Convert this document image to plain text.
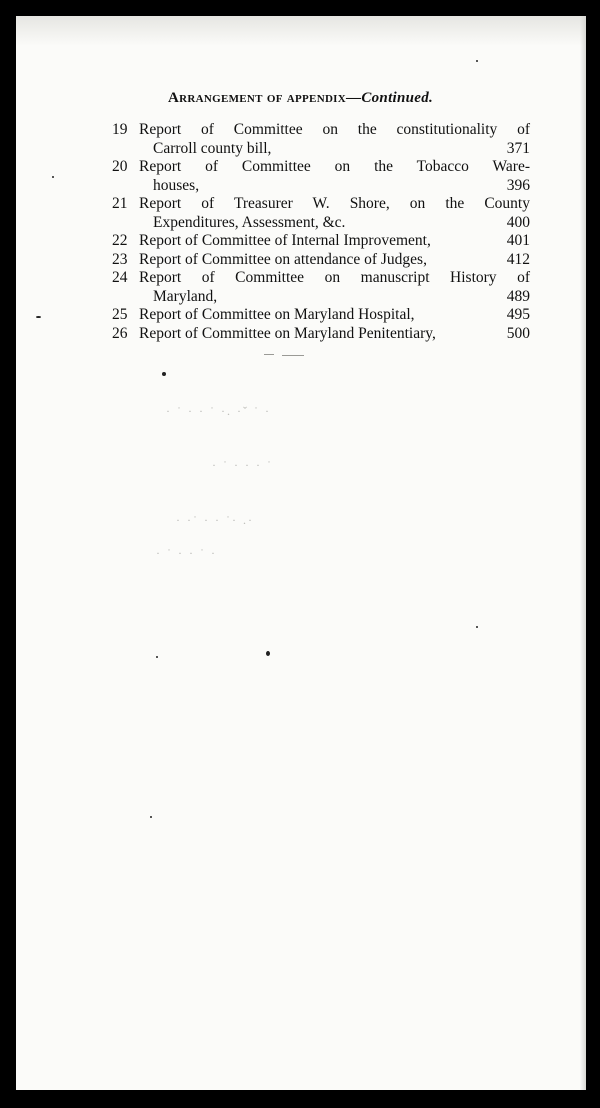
Arrangement of appendix—Continued.
19 Report of Committee on the constitutionality of
Carroll county bill,	371
20 Report of Committee on the Tobacco Ware-
houses,	396
21 Report of Treasurer W. Shore, on the County
Expenditures, Assessment, &c.	400
22 Report of Committee of Internal Improvement,	401
23 Report of Committee on attendance of Judges,	412
24 Report of Committee on manuscript History of
Maryland,	489
25 Report of Committee on Maryland Hospital,	495
26 Report of Committee on Maryland Penitentiary,	500
· ˙ · · ˙ ·. ·ˇ ˙ ·
· ˙ · · · ˙
· ·˙ · · ˙· .·
· ˙ · · ˙ ·
